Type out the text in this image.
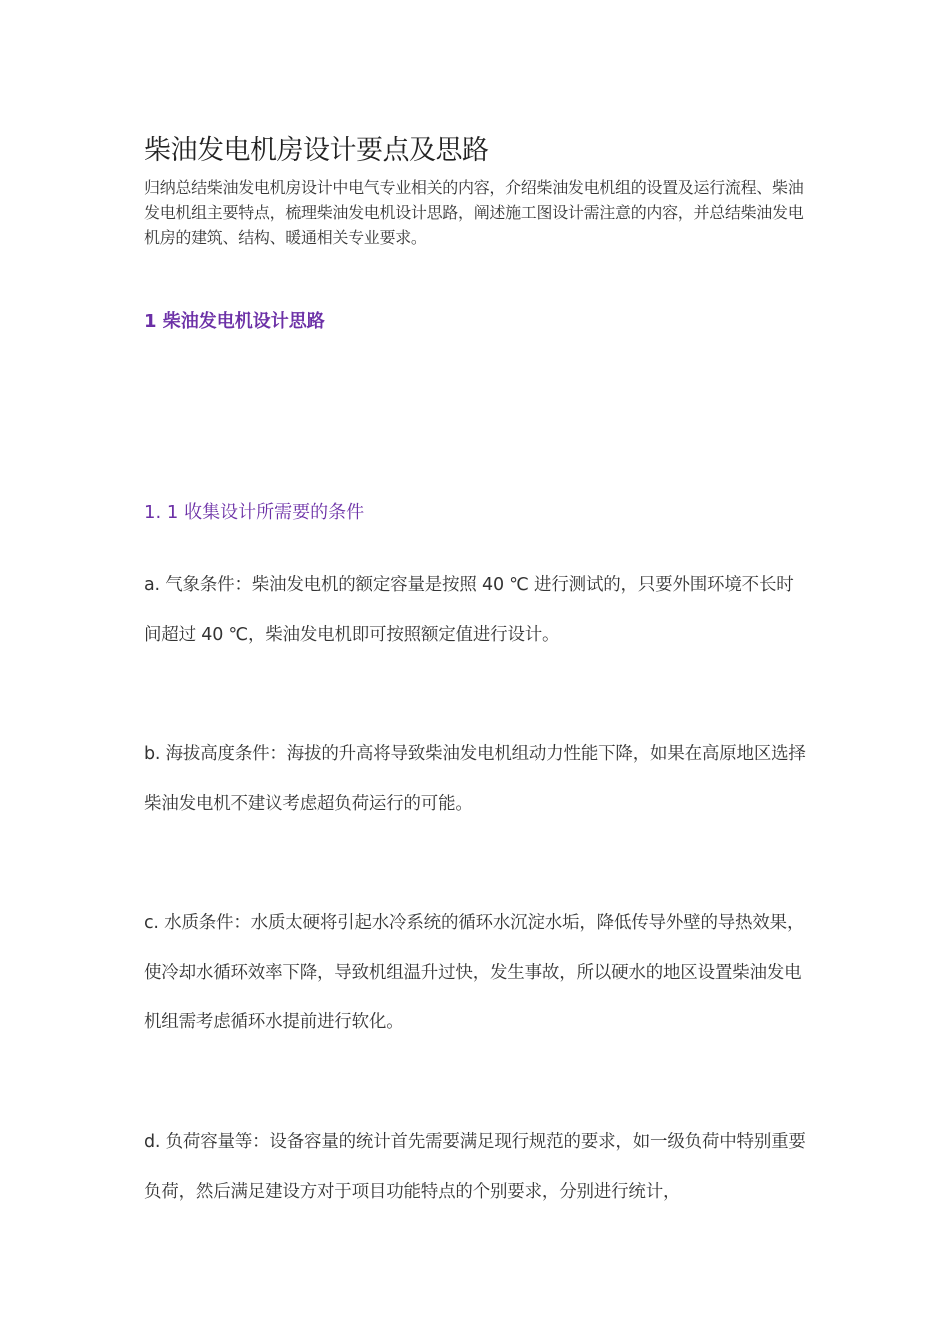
柴油发电机房设计要点及思路

归纳总结柴油发电机房设计中电气专业相关的内容，介绍柴油发电机组的设置及运行流程、柴油发电机组主要特点，梳理柴油发电机设计思路，阐述施工图设计需注意的内容，并总结柴油发电机房的建筑、结构、暖通相关专业要求。

1 柴油发电机设计思路
1. 1 收集设计所需要的条件

a. 气象条件：柴油发电机的额定容量是按照 40 ℃ 进行测试的，只要外围环境不长时间超过 40 ℃，柴油发电机即可按照额定值进行设计。

b. 海拔高度条件：海拔的升高将导致柴油发电机组动力性能下降，如果在高原地区选择柴油发电机不建议考虑超负荷运行的可能。

c. 水质条件：水质太硬将引起水冷系统的循环水沉淀水垢，降低传导外壁的导热效果，使冷却水循环效率下降，导致机组温升过快，发生事故，所以硬水的地区设置柴油发电机组需考虑循环水提前进行软化。

d. 负荷容量等：设备容量的统计首先需要满足现行规范的要求，如一级负荷中特别重要负荷，然后满足建设方对于项目功能特点的个别要求，分别进行统计，
